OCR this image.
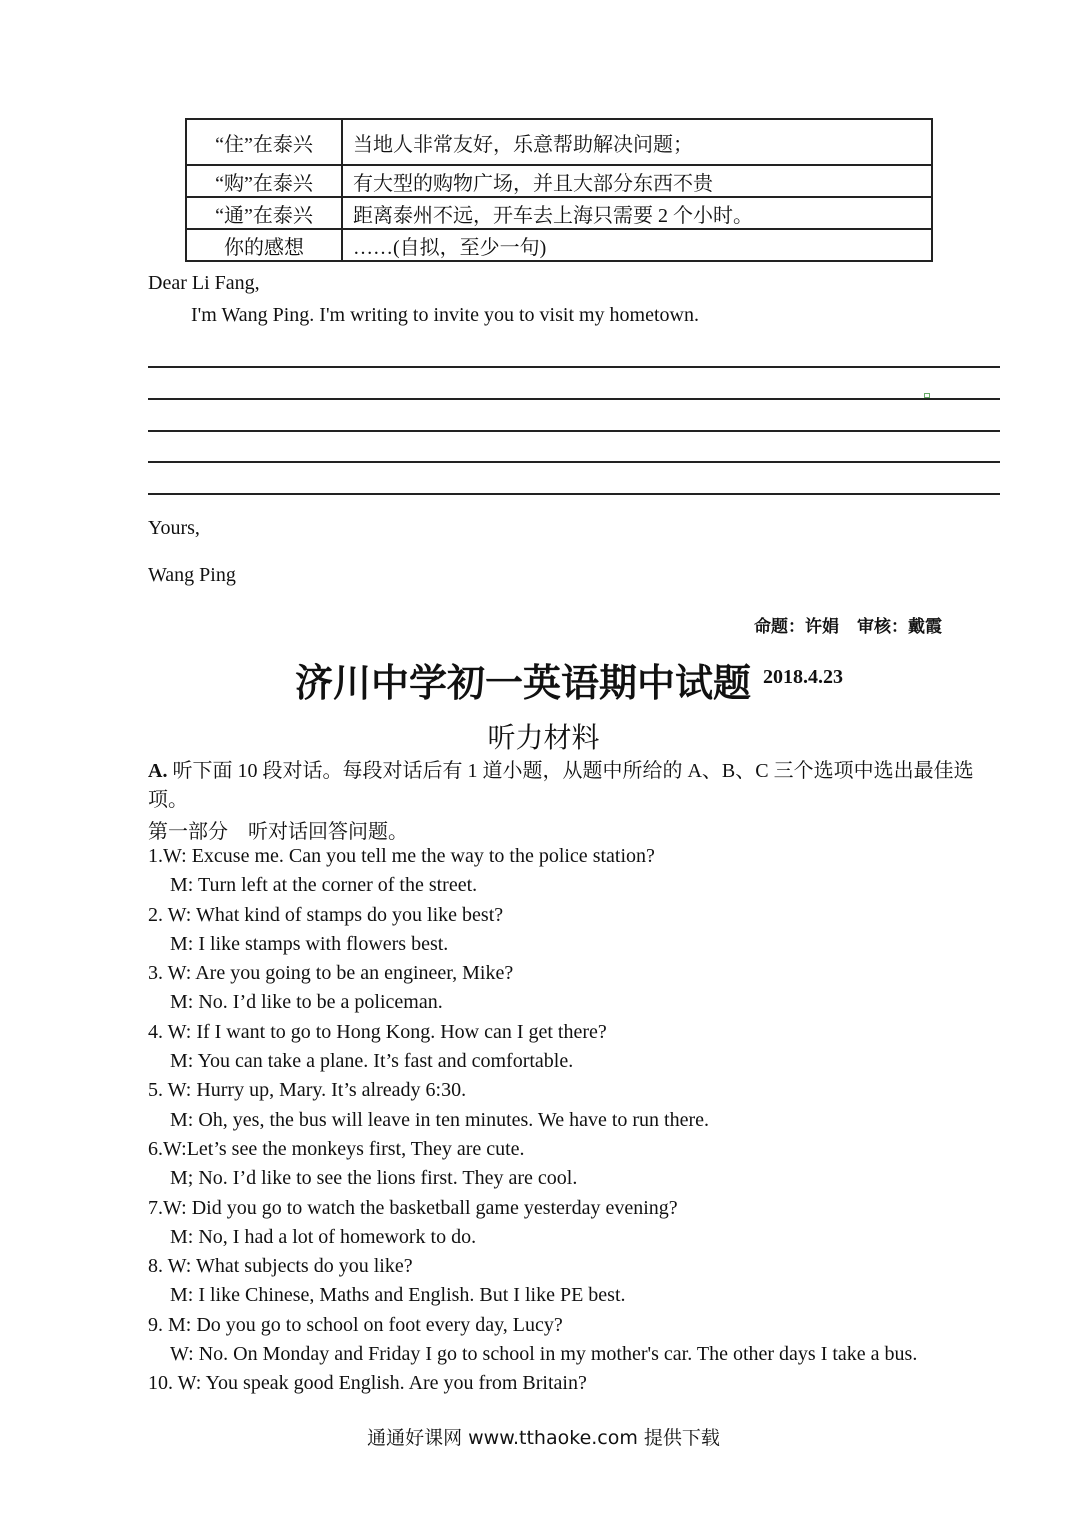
“住”在泰兴	当地人非常友好，乐意帮助解决问题；
“购”在泰兴	有大型的购物广场，并且大部分东西不贵
“通”在泰兴	距离泰州不远，开车去上海只需要 2 个小时。
你的感想	……(自拟，至少一句)
Dear Li Fang,
I'm Wang Ping. I'm writing to invite you to visit my hometown.
Yours,
Wang Ping
命题：许娟 审核：戴霞
济川中学初一英语期中试题 2018.4.23
听力材料
A. 听下面 10 段对话。每段对话后有 1 道小题，从题中所给的 A、B、C 三个选项中选出最佳选项。
第一部分　听对话回答问题。
1.W: Excuse me. Can you tell me the way to the police station?
M: Turn left at the corner of the street.
2. W: What kind of stamps do you like best?
M: I like stamps with flowers best.
3. W: Are you going to be an engineer, Mike?
M: No. I’d like to be a policeman.
4. W: If I want to go to Hong Kong. How can I get there?
M: You can take a plane. It’s fast and comfortable.
5. W: Hurry up, Mary. It’s already 6:30.
M: Oh, yes, the bus will leave in ten minutes. We have to run there.
6.W:Let’s see the monkeys first, They are cute.
M; No. I’d like to see the lions first. They are cool.
7.W: Did you go to watch the basketball game yesterday evening?
M: No, I had a lot of homework to do.
8. W: What subjects do you like?
M: I like Chinese, Maths and English. But I like PE best.
9. M: Do you go to school on foot every day, Lucy?
W: No. On Monday and Friday I go to school in my mother's car. The other days I take a bus.
10. W: You speak good English. Are you from Britain?
通通好课网 www.tthaoke.com 提供下载
